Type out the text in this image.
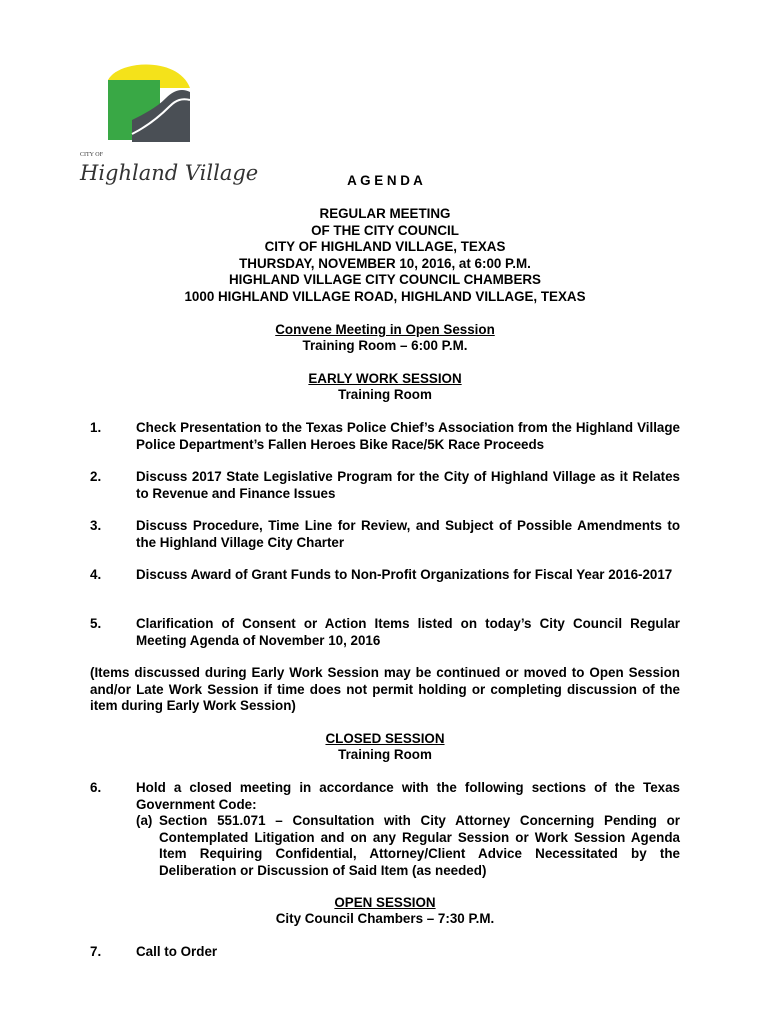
CITY OF
Highland Village	A G E N D A
REGULAR MEETING
OF THE CITY COUNCIL
CITY OF HIGHLAND VILLAGE, TEXAS
THURSDAY, NOVEMBER 10, 2016, at 6:00 P.M.
HIGHLAND VILLAGE CITY COUNCIL CHAMBERS
1000 HIGHLAND VILLAGE ROAD, HIGHLAND VILLAGE, TEXAS
Convene Meeting in Open Session
Training Room – 6:00 P.M.
EARLY WORK SESSION
Training Room
1.	Check Presentation to the Texas Police Chief’s Association from the Highland Village Police Department’s Fallen Heroes Bike Race/5K Race Proceeds
2.	Discuss 2017 State Legislative Program for the City of Highland Village as it Relates to Revenue and Finance Issues
3.	Discuss Procedure, Time Line for Review, and Subject of Possible Amendments to the Highland Village City Charter
4.	Discuss Award of Grant Funds to Non-Profit Organizations for Fiscal Year 2016-2017
5.	Clarification of Consent or Action Items listed on today’s City Council Regular Meeting Agenda of November 10, 2016
(Items discussed during Early Work Session may be continued or moved to Open Session and/or Late Work Session if time does not permit holding or completing discussion of the item during Early Work Session)
CLOSED SESSION
Training Room
6.	Hold a closed meeting in accordance with the following sections of the Texas Government Code:
(a) Section 551.071 – Consultation with City Attorney Concerning Pending or Contemplated Litigation and on any Regular Session or Work Session Agenda Item Requiring Confidential, Attorney/Client Advice Necessitated by the Deliberation or Discussion of Said Item (as needed)
OPEN SESSION
City Council Chambers – 7:30 P.M.
7.	Call to Order
